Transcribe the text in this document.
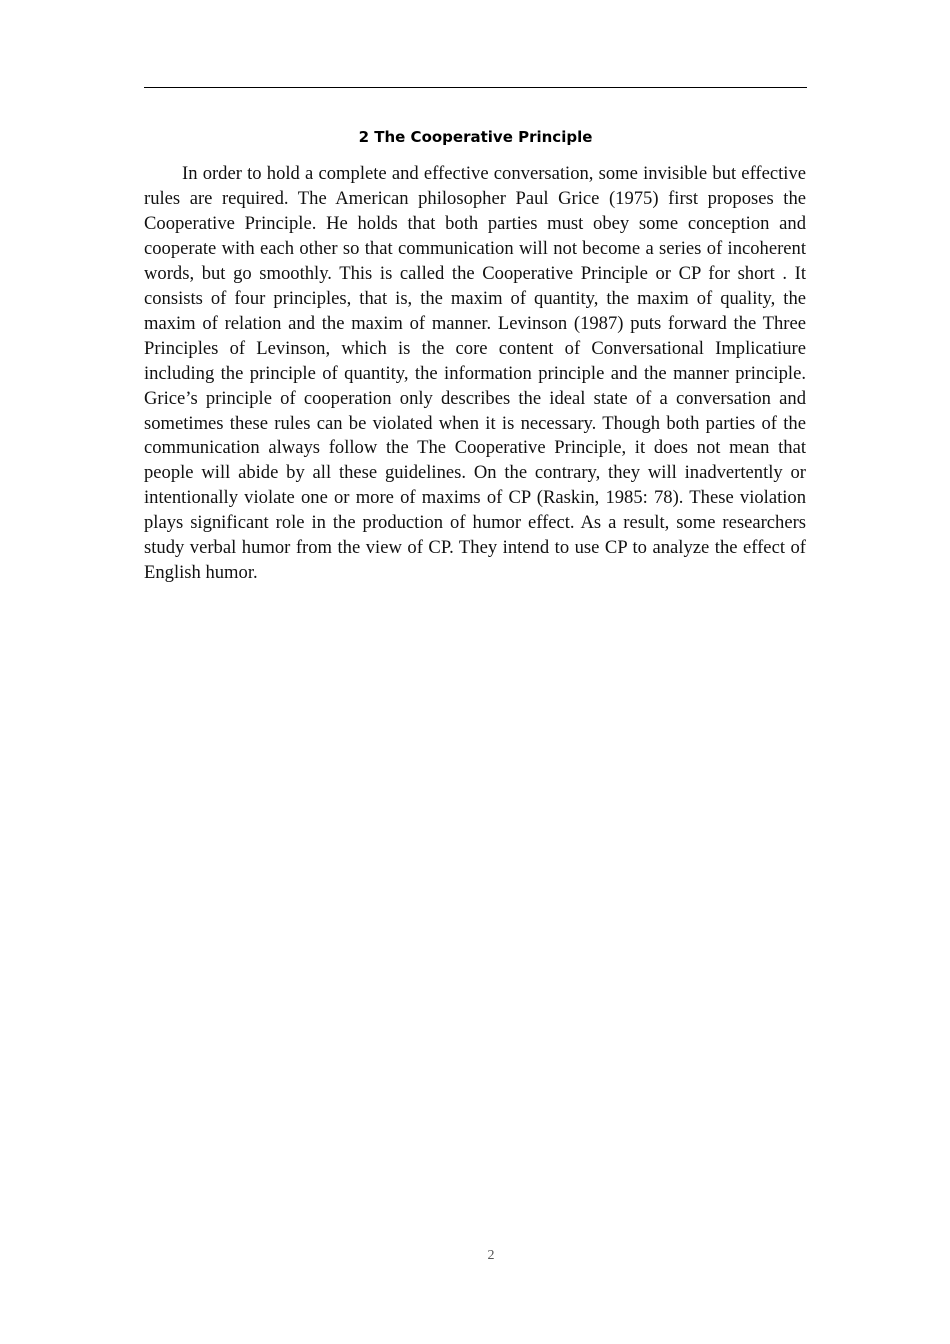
2 The Cooperative Principle

In order to hold a complete and effective conversation, some invisible but effective rules are required. The American philosopher Paul Grice (1975) first proposes the Cooperative Principle. He holds that both parties must obey some conception and cooperate with each other so that communication will not become a series of incoherent words, but go smoothly. This is called the Cooperative Principle or CP for short . It consists of four principles, that is, the maxim of quantity, the maxim of quality, the maxim of relation and the maxim of manner. Levinson (1987) puts forward the Three Principles of Levinson, which is the core content of Conversational Implicatiure including the principle of quantity, the information principle and the manner principle. Grice’s principle of cooperation only describes the ideal state of a conversation and sometimes these rules can be violated when it is necessary. Though both parties of the communication always follow the The Cooperative Principle, it does not mean that people will abide by all these guidelines. On the contrary, they will inadvertently or intentionally violate one or more of maxims of CP (Raskin, 1985: 78). These violation plays significant role in the production of humor effect. As a result, some researchers study verbal humor from the view of CP. They intend to use CP to analyze the effect of English humor.

2
